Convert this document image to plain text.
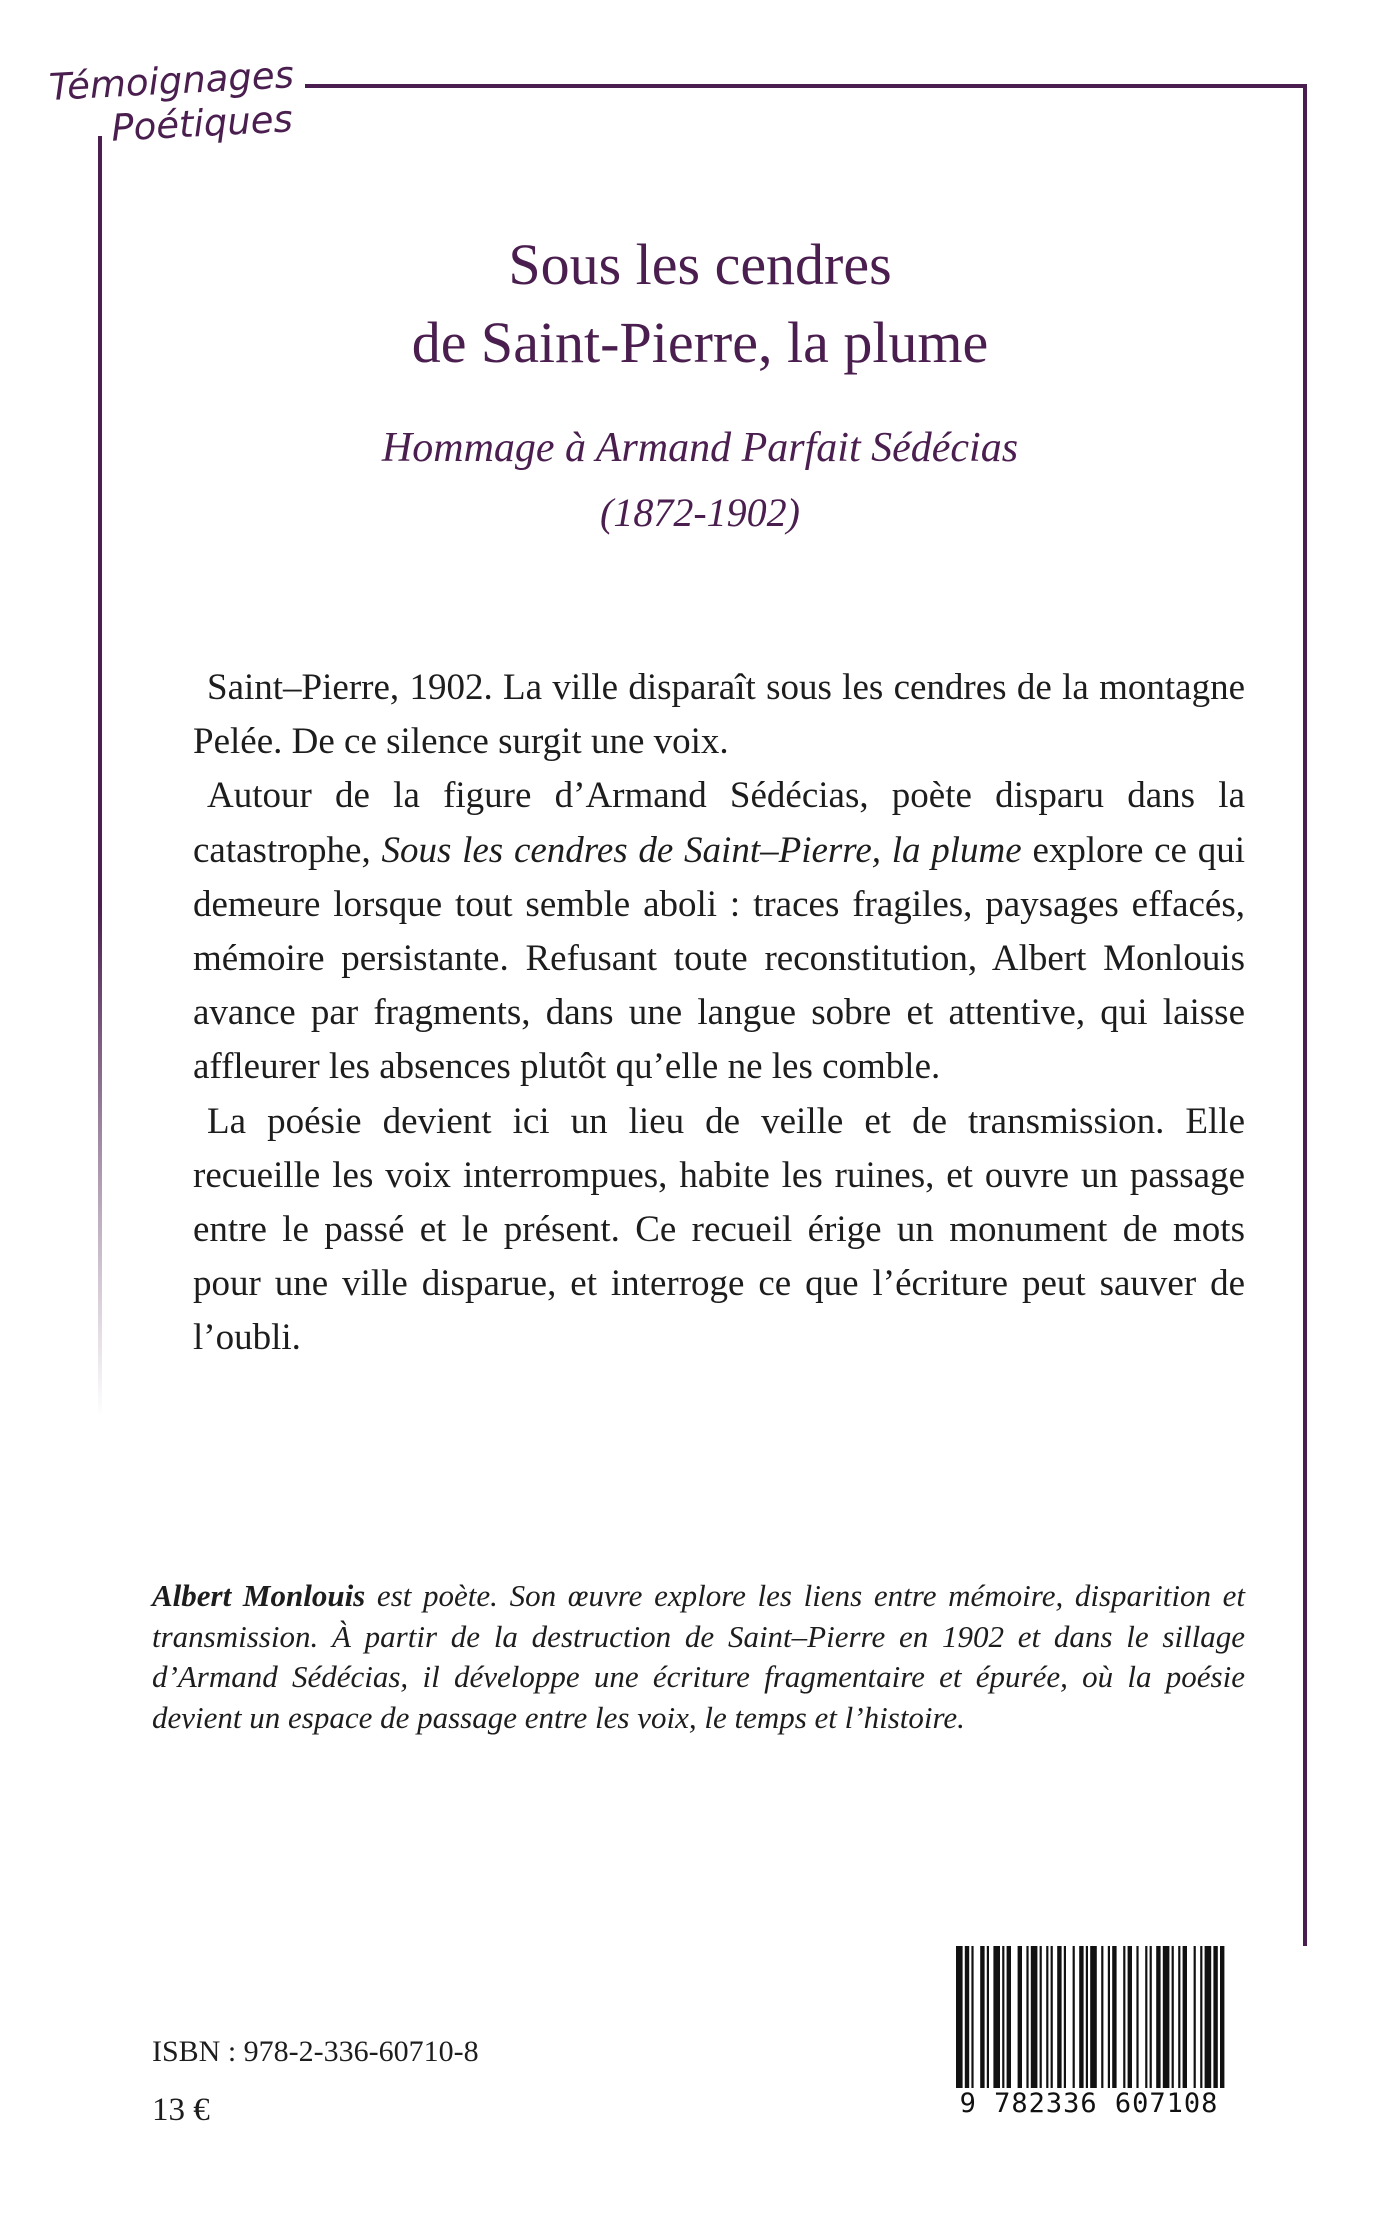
Témoignages
Poétiques
Sous les cendres
de Saint-Pierre, la plume
Hommage à Armand Parfait Sédécias
(1872-1902)

Saint–Pierre, 1902. La ville disparaît sous les cendres de la montagne Pelée. De ce silence surgit une voix.

Autour de la figure d’Armand Sédécias, poète disparu dans la catastrophe, Sous les cendres de Saint–Pierre, la plume explore ce qui demeure lorsque tout semble aboli : traces fragiles, paysages effacés, mémoire persistante. Refusant toute reconstitution, Albert Monlouis avance par fragments, dans une langue sobre et attentive, qui laisse affleurer les absences plutôt qu’elle ne les comble.

La poésie devient ici un lieu de veille et de transmission. Elle recueille les voix interrompues, habite les ruines, et ouvre un passage entre le passé et le présent. Ce recueil érige un monument de mots pour une ville disparue, et interroge ce que l’écriture peut sauver de l’oubli.

Albert Monlouis est poète. Son œuvre explore les liens entre mémoire, disparition et transmission. À partir de la destruction de Saint–Pierre en 1902 et dans le sillage d’Armand Sédécias, il développe une écriture fragmentaire et épurée, où la poésie devient un espace de passage entre les voix, le temps et l’histoire.
ISBN : 978-2-336-60710-8
13 €	9 782336 607108
